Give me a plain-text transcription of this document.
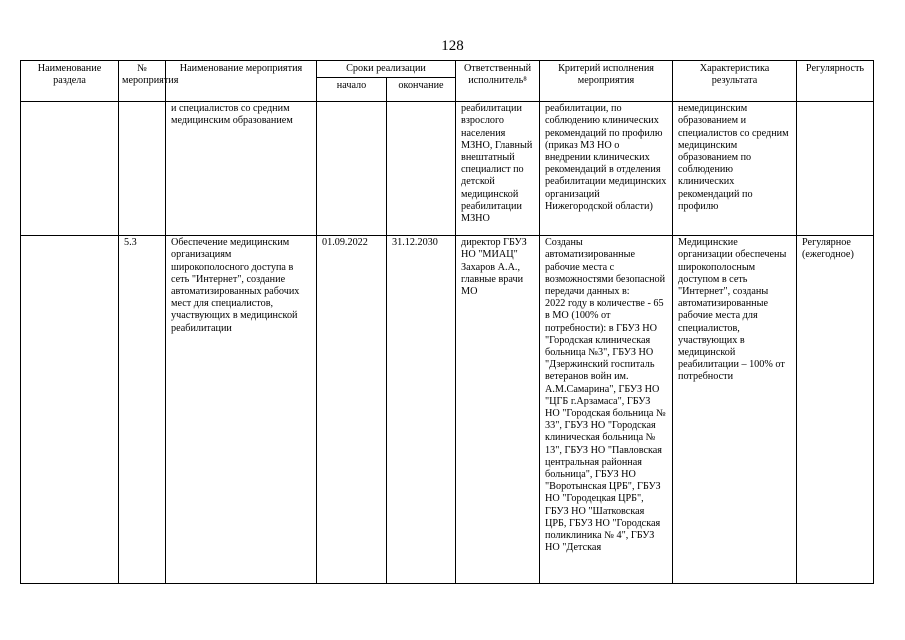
128
Наименование раздела	№ мероприятия	Наименование мероприятия	Сроки реализации		Ответственный исполнитель⁸	Критерий исполнения мероприятия	Характеристика результата	Регулярность
			начало	окончание				
		и специалистов со средним медицинским образованием			реабилитации взрослого населения МЗНО, Главный внештатный специалист по детской медицинской реабилитации МЗНО	реабилитации, по соблюдению клинических рекомендаций по профилю (приказ МЗ НО о внедрении клинических рекомендаций в отделения реабилитации медицинских организаций Нижегородской области)	немедицинским образованием и специалистов со средним медицинским образованием по соблюдению клинических рекомендаций по профилю	
	5.3	Обеспечение медицинским организациям широкополосного доступа в сеть "Интернет", создание автоматизированных рабочих мест для специалистов, участвующих в медицинской реабилитации	01.09.2022	31.12.2030	директор ГБУЗ НО "МИАЦ" Захаров А.А., главные врачи МО	Созданы автоматизированные рабочие места с возможностями безопасной передачи данных в:
2022 году в количестве - 65 в МО (100% от потребности): в ГБУЗ НО "Городская клиническая больница №3", ГБУЗ НО "Дзержинский госпиталь ветеранов войн им. А.М.Самарина", ГБУЗ НО "ЦГБ г.Арзамаса", ГБУЗ НО "Городская больница № 33", ГБУЗ НО "Городская клиническая больница № 13", ГБУЗ НО "Павловская центральная районная больница", ГБУЗ НО "Воротынская ЦРБ", ГБУЗ НО "Городецкая ЦРБ", ГБУЗ НО "Шатковская ЦРБ, ГБУЗ НО "Городская поликлиника № 4", ГБУЗ НО "Детская	Медицинские организации обеспечены широкополосным доступом в сеть "Интернет", созданы автоматизированные рабочие места для специалистов, участвующих в медицинской реабилитации – 100% от потребности	Регулярное (ежегодное)
